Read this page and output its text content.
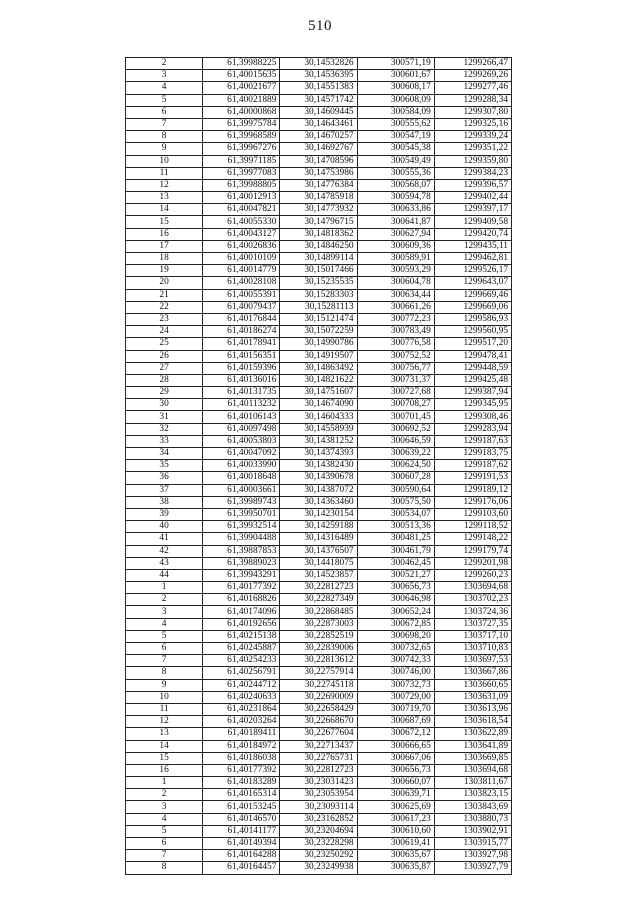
510
2	61,39988225	30,14532826	300571,19	1299266,47
3	61,40015635	30,14536395	300601,67	1299269,26
4	61,40021677	30,14551383	300608,17	1299277,46
5	61,40021889	30,14571742	300608,09	1299288,34
6	61,40000868	30,14609445	300584,09	1299307,80
7	61,39975784	30,14643461	300555,62	1299325,16
8	61,39968589	30,14670257	300547,19	1299339,24
9	61,39967276	30,14692767	300545,38	1299351,22
10	61,39971185	30,14708596	300549,49	1299359,80
11	61,39977083	30,14753986	300555,36	1299384,23
12	61,39988805	30,14776384	300568,07	1299396,57
13	61,40012913	30,14785918	300594,78	1299402,44
14	61,40047821	30,14773932	300633,86	1299397,17
15	61,40055330	30,14796715	300641,87	1299409,58
16	61,40043127	30,14818362	300627,94	1299420,74
17	61,40026836	30,14846250	300609,36	1299435,11
18	61,40010109	30,14899114	300589,91	1299462,81
19	61,40014779	30,15017466	300593,29	1299526,17
20	61,40028108	30,15235535	300604,78	1299643,07
21	61,40055391	30,15283303	300634,44	1299669,46
22	61,40079437	30,15281113	300661,26	1299669,06
23	61,40176844	30,15121474	300772,23	1299586,93
24	61,40186274	30,15072259	300783,49	1299560,95
25	61,40178941	30,14990786	300776,58	1299517,20
26	61,40156351	30,14919507	300752,52	1299478,41
27	61,40159396	30,14863492	300756,77	1299448,59
28	61,40136016	30,14821622	300731,37	1299425,48
29	61,40131735	30,14751607	300727,68	1299387,94
30	61,40113232	30,14674090	300708,27	1299345,95
31	61,40106143	30,14604333	300701,45	1299308,46
32	61,40097498	30,14558939	300692,52	1299283,94
33	61,40053803	30,14381252	300646,59	1299187,63
34	61,40047092	30,14374393	300639,22	1299183,75
35	61,40033990	30,14382430	300624,50	1299187,62
36	61,40018648	30,14390678	300607,28	1299191,53
37	61,40003661	30,14387072	300590,64	1299189,12
38	61,39989743	30,14363460	300575,50	1299176,06
39	61,39950701	30,14230154	300534,07	1299103,60
40	61,39932514	30,14259188	300513,36	1299118,52
41	61,39904488	30,14316489	300481,25	1299148,22
42	61,39887853	30,14376507	300461,79	1299179,74
43	61,39889023	30,14418075	300462,45	1299201,98
44	61,39943291	30,14523857	300521,27	1299260,23
1	61,40177392	30,22812723	300656,73	1303694,68
2	61,40168826	30,22827349	300646,98	1303702,23
3	61,40174096	30,22868485	300652,24	1303724,36
4	61,40192656	30,22873003	300672,85	1303727,35
5	61,40215138	30,22852519	300698,20	1303717,10
6	61,40245887	30,22839006	300732,65	1303710,83
7	61,40254233	30,22813612	300742,33	1303697,53
8	61,40256791	30,22757914	300746,00	1303667,86
9	61,40244712	30,22745118	300732,73	1303660,65
10	61,40240633	30,22690009	300729,00	1303631,09
11	61,40231864	30,22658429	300719,70	1303613,96
12	61,40203264	30,22668670	300687,69	1303618,54
13	61,40189411	30,22677604	300672,12	1303622,89
14	61,40184972	30,22713437	300666,65	1303641,89
15	61,40186038	30,22765731	300667,06	1303669,85
16	61,40177392	30,22812723	300656,73	1303694,68
1	61,40183289	30,23031423	300660,07	1303811,67
2	61,40165314	30,23053954	300639,71	1303823,15
3	61,40153245	30,23093114	300625,69	1303843,69
4	61,40146570	30,23162852	300617,23	1303880,73
5	61,40141177	30,23204694	300610,60	1303902,91
6	61,40149394	30,23228298	300619,41	1303915,77
7	61,40164288	30,23250292	300635,67	1303927,98
8	61,40164457	30,23249938	300635,87	1303927,79
